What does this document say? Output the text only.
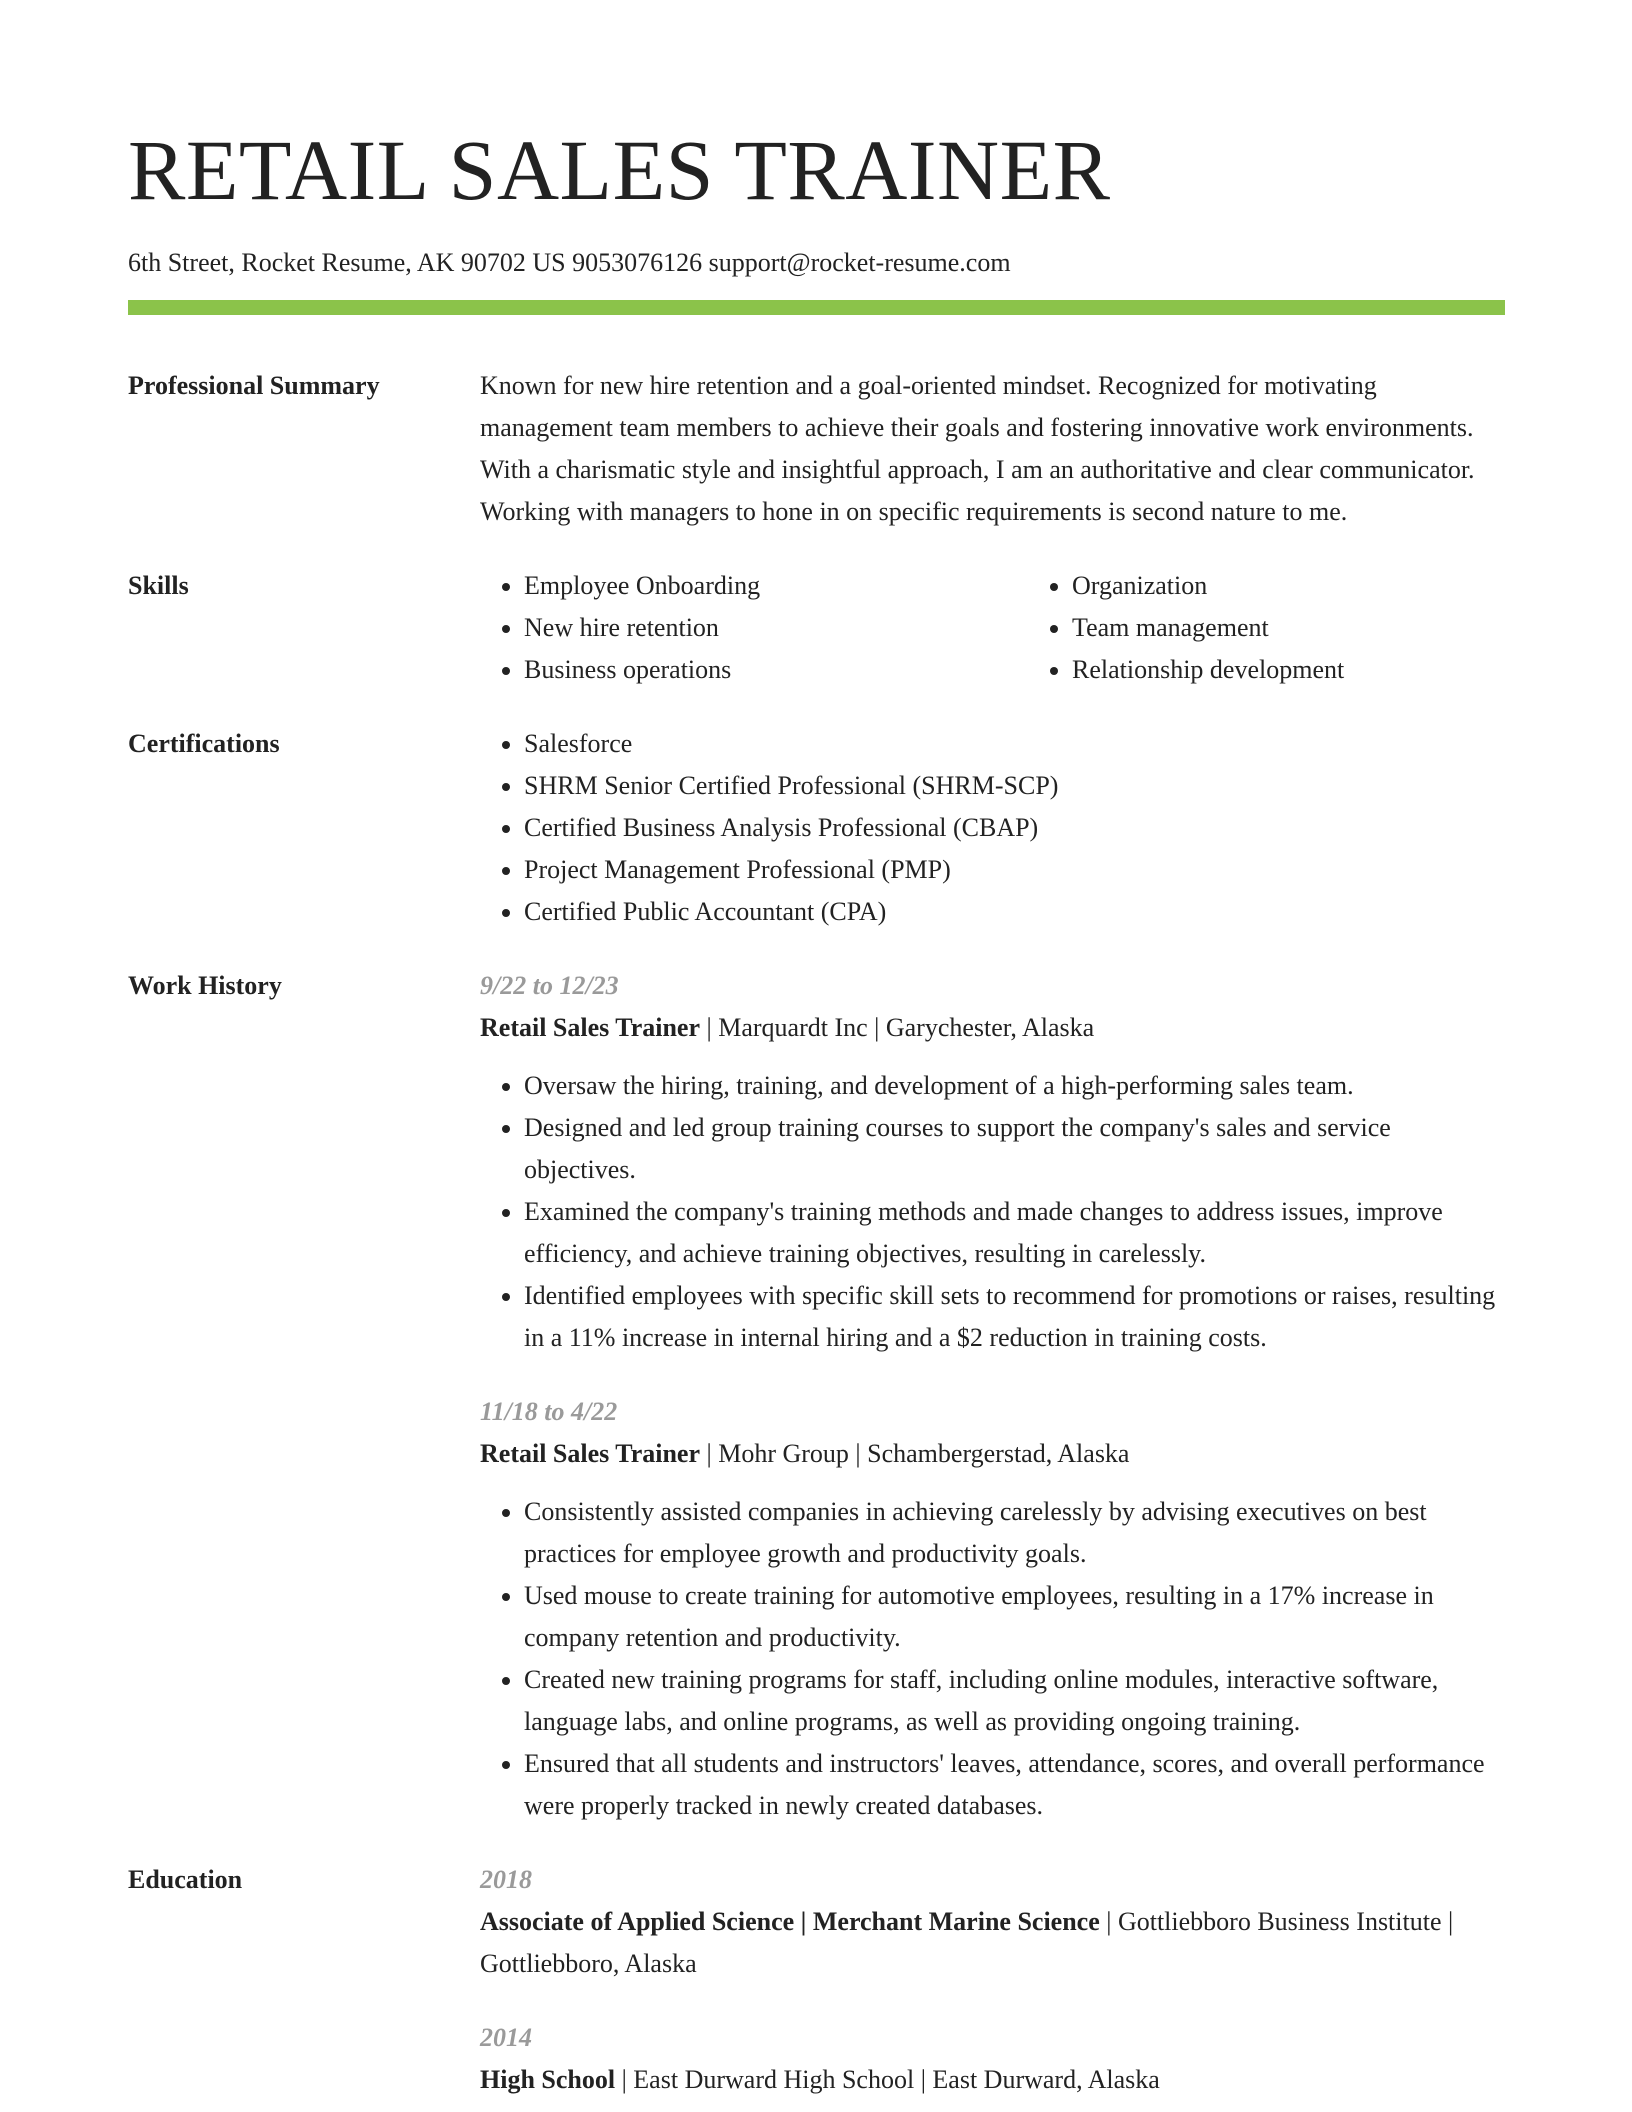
RETAIL SALES TRAINER
6th Street, Rocket Resume, AK 90702 US 9053076126 support@rocket-resume.com
Professional Summary	Known for new hire retention and a goal-oriented mindset. Recognized for motivating management team members to achieve their goals and fostering innovative work environments. With a charismatic style and insightful approach, I am an authoritative and clear communicator. Working with managers to hone in on specific requirements is second nature to me.
Skills	• Employee Onboarding
• New hire retention
• Business operations
• Organization
• Team management
• Relationship development
Certifications	• Salesforce
• SHRM Senior Certified Professional (SHRM-SCP)
• Certified Business Analysis Professional (CBAP)
• Project Management Professional (PMP)
• Certified Public Accountant (CPA)
Work History	9/22 to 12/23
Retail Sales Trainer | Marquardt Inc | Garychester, Alaska
• Oversaw the hiring, training, and development of a high-performing sales team.
• Designed and led group training courses to support the company's sales and service objectives.
• Examined the company's training methods and made changes to address issues, improve efficiency, and achieve training objectives, resulting in carelessly.
• Identified employees with specific skill sets to recommend for promotions or raises, resulting in a 11% increase in internal hiring and a $2 reduction in training costs.
11/18 to 4/22
Retail Sales Trainer | Mohr Group | Schambergerstad, Alaska
• Consistently assisted companies in achieving carelessly by advising executives on best practices for employee growth and productivity goals.
• Used mouse to create training for automotive employees, resulting in a 17% increase in company retention and productivity.
• Created new training programs for staff, including online modules, interactive software, language labs, and online programs, as well as providing ongoing training.
• Ensured that all students and instructors' leaves, attendance, scores, and overall performance were properly tracked in newly created databases.
Education	2018
Associate of Applied Science | Merchant Marine Science | Gottliebboro Business Institute | Gottliebboro, Alaska
2014
High School | East Durward High School | East Durward, Alaska
